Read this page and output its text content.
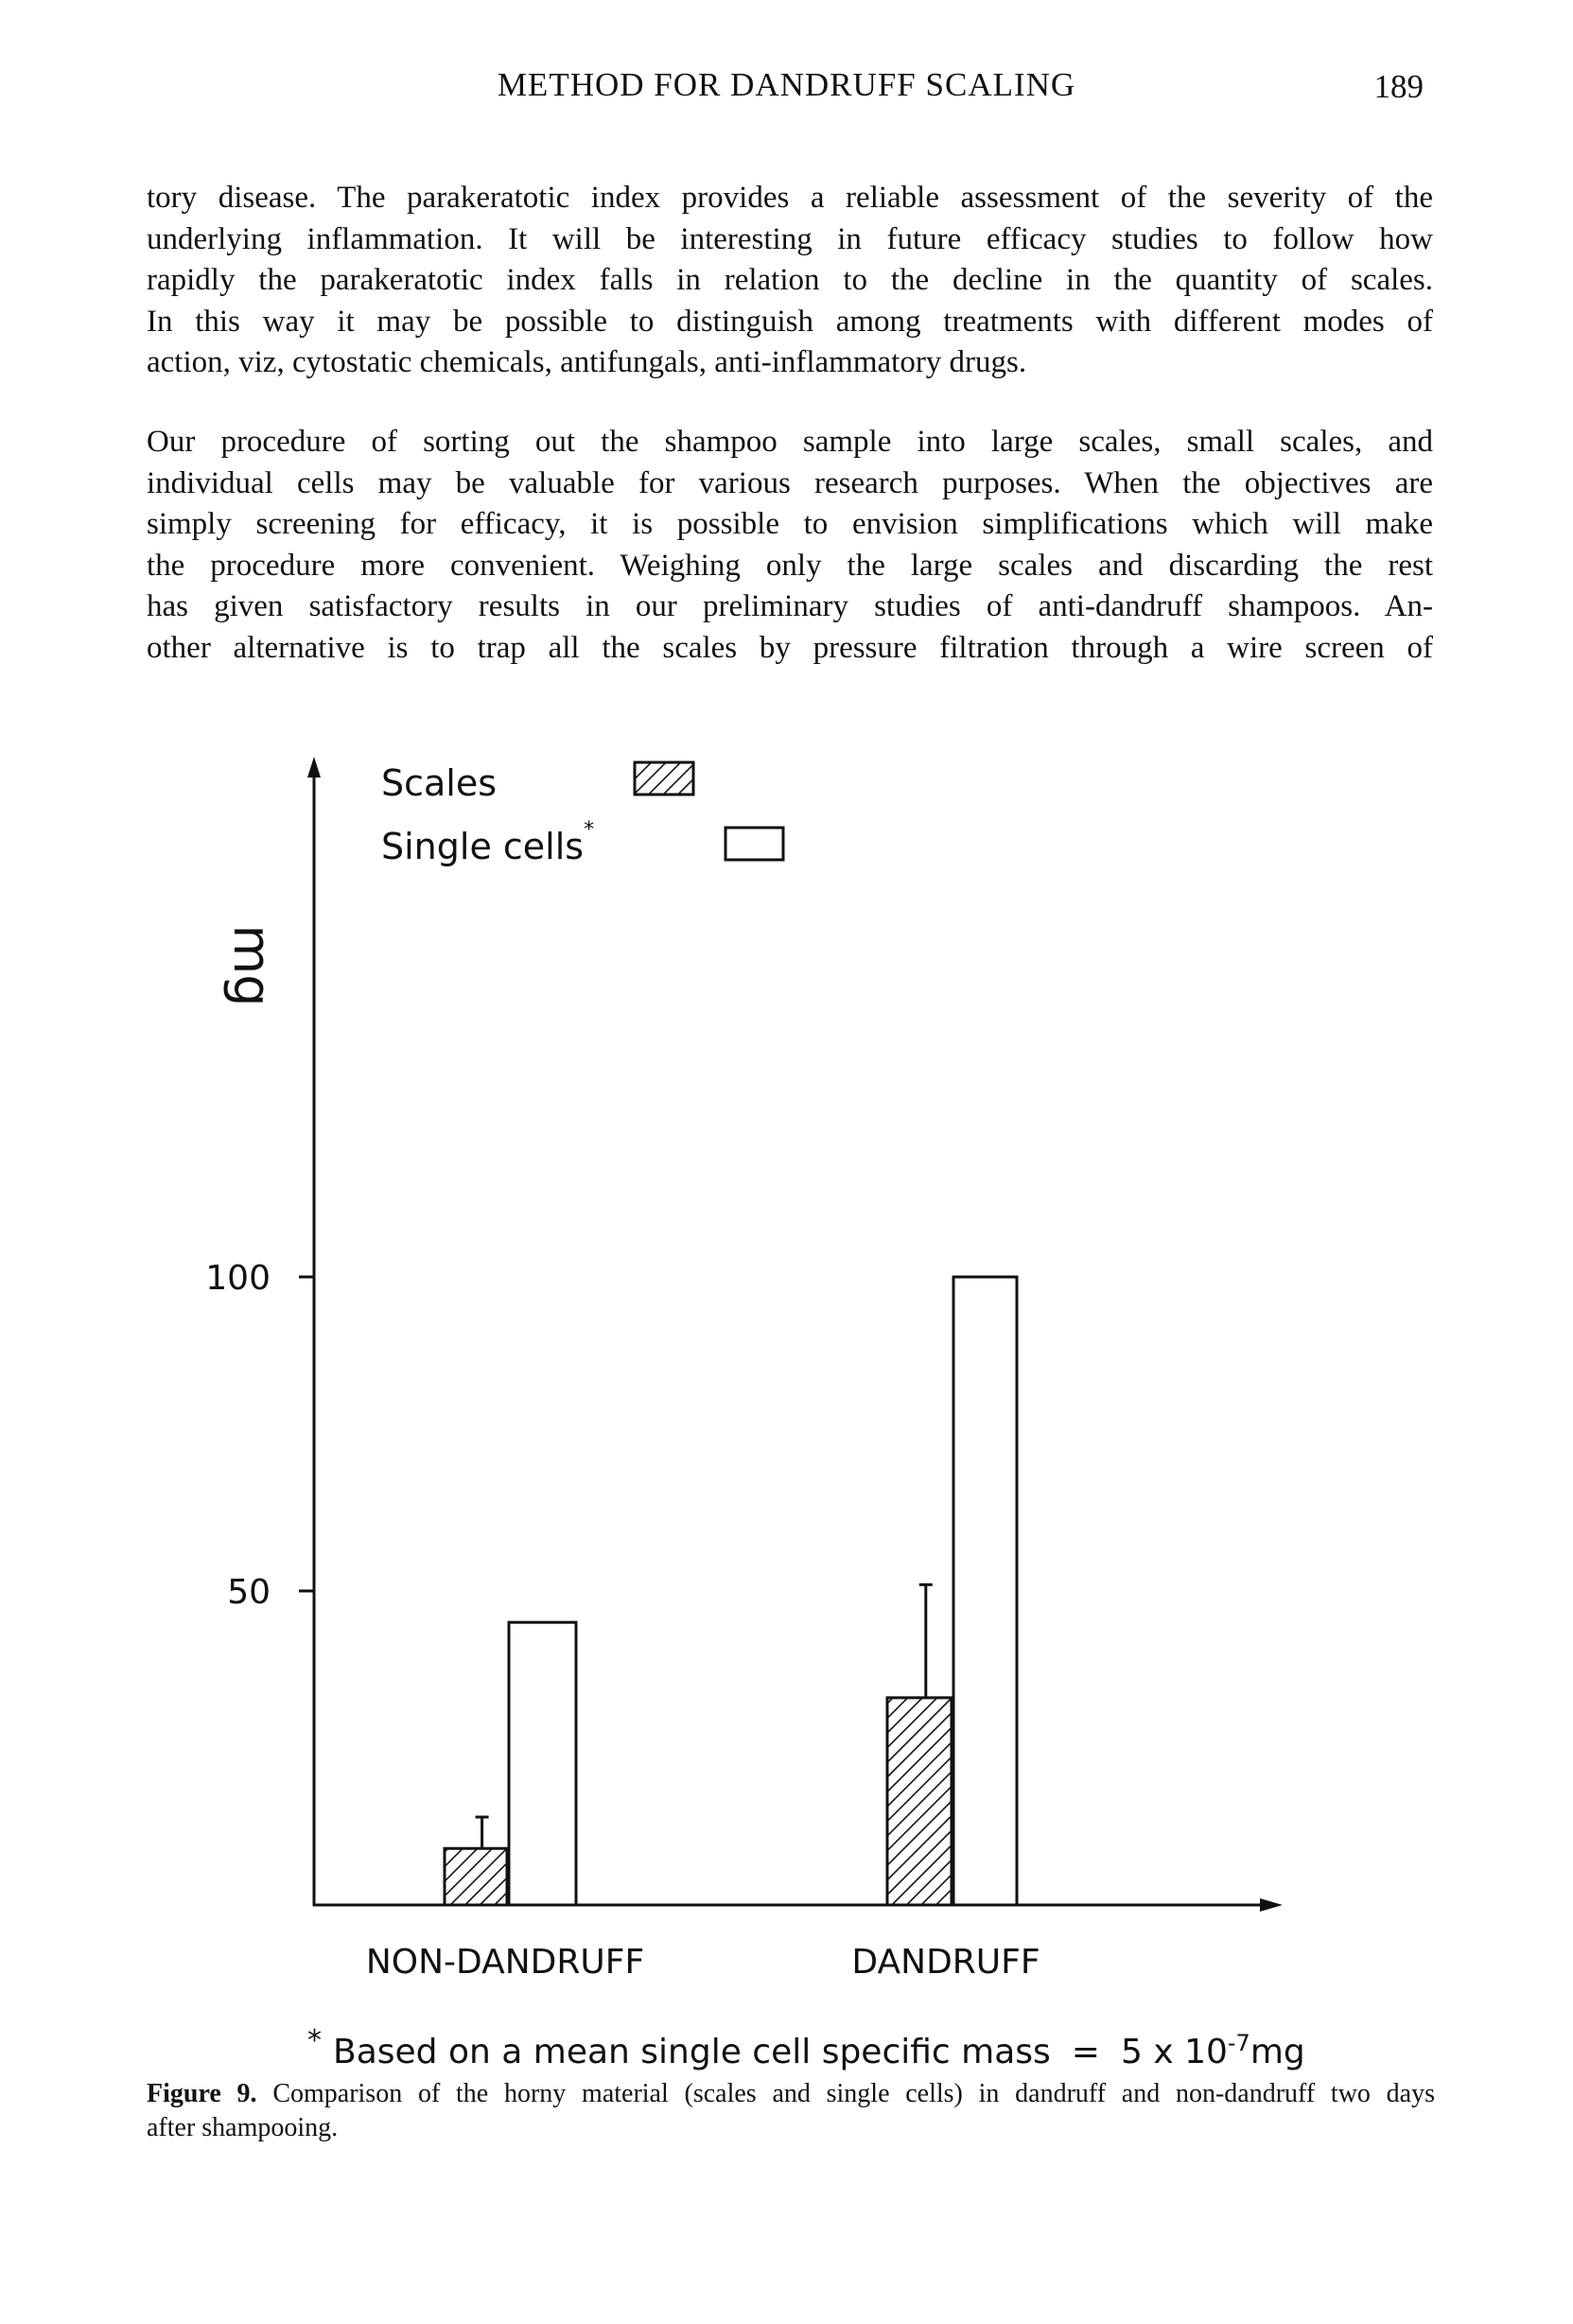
METHOD FOR DANDRUFF SCALING	189
tory disease. The parakeratotic index provides a reliable assessment of the severity of the
underlying inflammation. It will be interesting in future efficacy studies to follow how
rapidly the parakeratotic index falls in relation to the decline in the quantity of scales.
In this way it may be possible to distinguish among treatments with different modes of
action, viz, cytostatic chemicals, antifungals, anti-inflammatory drugs.
Our procedure of sorting out the shampoo sample into large scales, small scales, and
individual cells may be valuable for various research purposes. When the objectives are
simply screening for efficacy, it is possible to envision simplifications which will make
the procedure more convenient. Weighing only the large scales and discarding the rest
has given satisfactory results in our preliminary studies of anti-dandruff shampoos. An-
other alternative is to trap all the scales by pressure filtration through a wire screen of
100
50
mg
Scales
Single cells*
NON-DANDRUFF	DANDRUFF
* Based on a mean single cell specific mass = 5 x $10^{-7}mg$
Figure 9. Comparison of the horny material (scales and single cells) in dandruff and non-dandruff two days
after shampooing.
